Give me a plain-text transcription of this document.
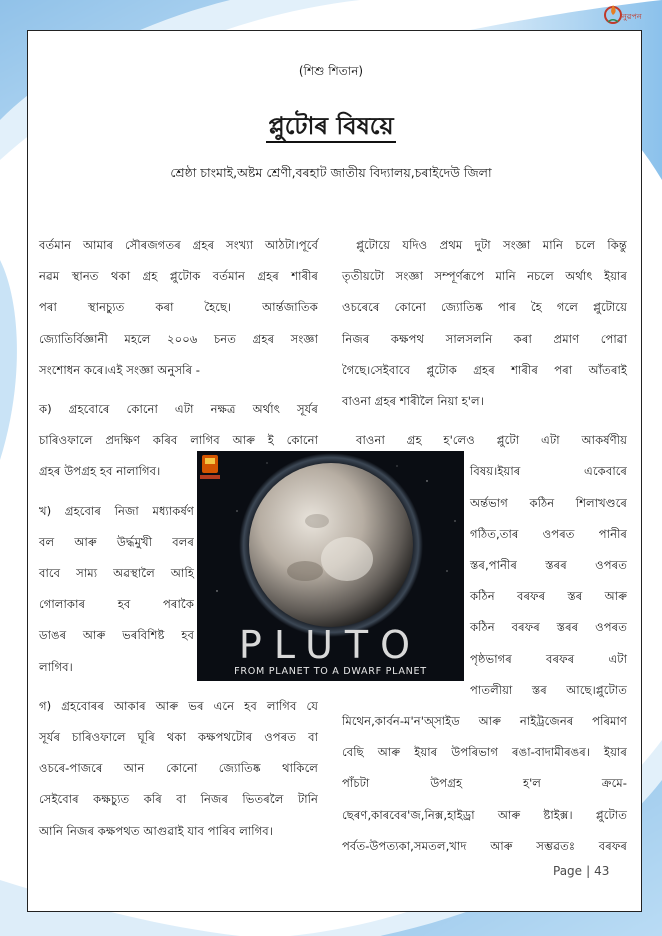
নুৱপন
(শিশু শিতান)
প্লুটোৰ বিষয়ে
শ্ৰেষ্ঠা চাংমাই,অষ্টম শ্ৰেণী,বৰহাট জাতীয় বিদ্যালয়,চৰাইদেউ জিলা

বৰ্তমান আমাৰ সৌৰজগতৰ গ্ৰহৰ সংখ্যা আঠটা।পূৰ্বে

নৱম স্থানত থকা গ্ৰহ প্লুটোক বৰ্তমান গ্ৰহৰ শাৰীৰ

পৰা স্থানচ্যুত কৰা হৈছে। আৰ্ন্তজাতিক

জ্যোতিৰ্বিজ্ঞানী মহলে ২০০৬ চনত গ্ৰহৰ সংজ্ঞা

সংশোধন কৰে।এই সংজ্ঞা অনুসৰি -

ক) গ্ৰহবোৰে কোনো এটা নক্ষত্ৰ অৰ্থাৎ সূৰ্যৰ

চাৰিওফালে প্ৰদক্ষিণ কৰিব লাগিব আৰু ই কোনো

গ্ৰহৰ উপগ্ৰহ হব নালাগিব।

খ) গ্ৰহবোৰ নিজা মধ্যাকৰ্ষণ

বল আৰু উৰ্দ্ধমুখী বলৰ

বাবে সাম্য অৱস্থালৈ আহি

গোলাকাৰ হব পৰাকৈ

ডাঙৰ আৰু ভৰবিশিষ্ট হব

লাগিব।

গ) গ্ৰহবোৰৰ আকাৰ আৰু ভৰ এনে হব লাগিব যে

সূৰ্যৰ চাৰিওফালে ঘূৰি থকা কক্ষপথটোৰ ওপৰত বা

ওচৰে-পাজৰে আন কোনো জ্যোতিষ্ক থাকিলে

সেইবোৰ কক্ষচ্যুত কৰি বা নিজৰ ভিতৰলৈ টানি

আনি নিজৰ কক্ষপথত আগুৱাই যাব পাৰিব লাগিব।

প্লুটোয়ে যদিও প্ৰথম দুটা সংজ্ঞা মানি চলে কিন্তু

তৃতীয়টো সংজ্ঞা সম্পূৰ্ণৰূপে মানি নচলে অৰ্থাৎ ইয়াৰ

ওচৰেৰে কোনো জ্যোতিষ্ক পাৰ হৈ গলে প্লুটোয়ে

নিজৰ কক্ষপথ সালসলনি কৰা প্ৰমাণ পোৱা

গৈছে।সেইবাবে প্লুটোক গ্ৰহৰ শাৰীৰ পৰা আঁতৰাই

বাওনা গ্ৰহৰ শাৰীলৈ নিয়া হ'ল।

বাওনা গ্ৰহ হ'লেও প্লুটো এটা আকৰ্ষণীয়

বিষয়।ইয়াৰ একেবাৰে

অৰ্ন্তভাগ কঠিন শিলাখণ্ডৰে

গঠিত,তাৰ ওপৰত পানীৰ

স্তৰ,পানীৰ স্তৰৰ ওপৰত

কঠিন বৰফৰ স্তৰ আৰু

কঠিন বৰফৰ স্তৰৰ ওপৰত

পৃষ্ঠভাগৰ বৰফৰ এটা

পাতলীয়া স্তৰ আছে।প্লুটোত

মিথেন,কাৰ্বন-ম'ন'অ্সাইড আৰু নাইট্ৰজেনৰ পৰিমাণ

বেছি আৰু ইয়াৰ উপৰিভাগ ৰঙা-বাদামীৰঙৰ। ইয়াৰ

পাঁচটা উপগ্ৰহ হ'ল ক্ৰমে-

ছেৰণ,কাৰবেৰ'জ,নিক্স,হাইড্ৰা আৰু ষ্টাইক্স। প্লুটোত

পৰ্বত-উপত্যকা,সমতল,খাদ আৰু সম্ভৱতঃ বৰফৰ

PLUTO
FROM PLANET TO A DWARF PLANET
Page | 43
